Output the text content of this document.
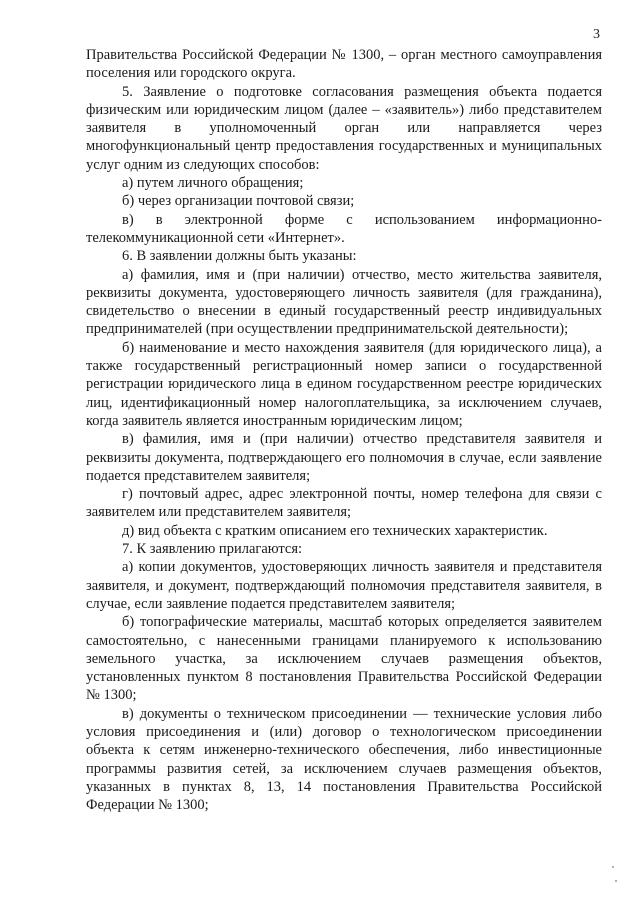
3

Правительства Российской Федерации № 1300, – орган местного самоуправления поселения или городского округа.

5. Заявление о подготовке согласования размещения объекта подается физическим или юридическим лицом (далее – «заявитель») либо представителем заявителя в уполномоченный орган или направляется через многофункциональный центр предоставления государственных и муниципальных услуг одним из следующих способов:

а) путем личного обращения;

б) через организации почтовой связи;

в) в электронной форме с использованием информационно-

телекоммуникационной сети «Интернет».

6. В заявлении должны быть указаны:

а) фамилия, имя и (при наличии) отчество, место жительства заявителя, реквизиты документа, удостоверяющего личность заявителя (для гражданина), свидетельство о внесении в единый государственный реестр индивидуальных предпринимателей (при осуществлении предпринимательской деятельности);

б) наименование и место нахождения заявителя (для юридического лица), а также государственный регистрационный номер записи о государственной регистрации юридического лица в едином государственном реестре юридических лиц, идентификационный номер налогоплательщика, за исключением случаев, когда заявитель является иностранным юридическим лицом;

в) фамилия, имя и (при наличии) отчество представителя заявителя и реквизиты документа, подтверждающего его полномочия в случае, если заявление подается представителем заявителя;

г) почтовый адрес, адрес электронной почты, номер телефона для связи с заявителем или представителем заявителя;

д) вид объекта с кратким описанием его технических характеристик.

7. К заявлению прилагаются:

а) копии документов, удостоверяющих личность заявителя и представителя заявителя, и документ, подтверждающий полномочия представителя заявителя, в случае, если заявление подается представителем заявителя;

б) топографические материалы, масштаб которых определяется заявителем самостоятельно, с нанесенными границами планируемого к использованию земельного участка, за исключением случаев размещения объектов, установленных пунктом 8 постановления Правительства Российской Федерации № 1300;

в) документы о техническом присоединении — технические условия либо условия присоединения и (или) договор о технологическом присоединении объекта к сетям инженерно-технического обеспечения, либо инвестиционные программы развития сетей, за исключением случаев размещения объектов, указанных в пунктах 8, 13, 14 постановления Правительства Российской Федерации № 1300;
